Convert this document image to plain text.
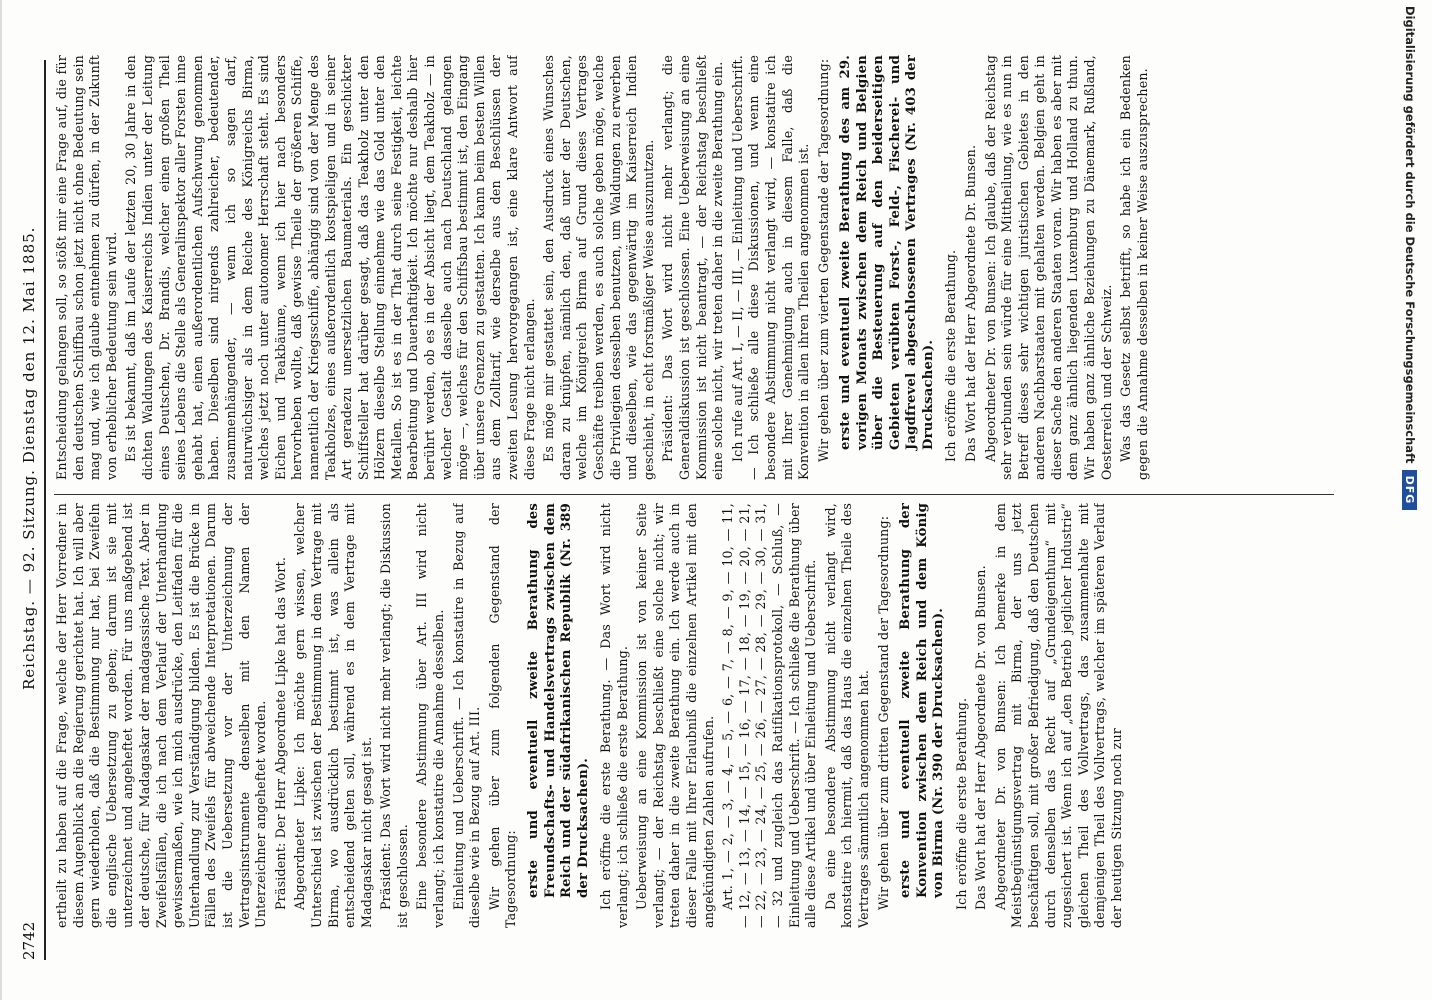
2742
Reichstag. — 92. Sitzung. Dienstag den 12. Mai 1885.

ertheilt zu haben auf die Frage, welche der Herr Vorredner in diesem Augenblick an die Regierung gerichtet hat. Ich will aber gern wiederholen, daß die Bestimmung nur hat, bei Zweifeln die englische Uebersetzung zu geben; darum ist sie mit unterzeichnet und angeheftet worden. Für uns maßgebend ist der deutsche, für Madagaskar der madagassische Text. Aber in Zweifelsfällen, die ich nach dem Verlauf der Unterhandlung gewissermaßen, wie ich mich ausdrücke, den Leitfaden für die Unterhandlung zur Verständigung bilden. Es ist die Brücke in Fällen des Zweifels für abweichende Interpretationen. Darum ist die Uebersetzung vor der Unterzeichnung der Vertragsinstrumente denselben mit den Namen der Unterzeichner angeheftet worden. Präsident: Der Herr Abgeordnete Lipke hat das Wort. Abgeordneter Lipke: Ich möchte gern wissen, welcher Unterschied ist zwischen der Bestimmung in dem Vertrage mit Birma, wo ausdrücklich bestimmt ist, was allein als entscheidend gelten soll, während es in dem Vertrage mit Madagaskar nicht gesagt ist. Präsident: Das Wort wird nicht mehr verlangt; die Diskussion ist geschlossen. Eine besondere Abstimmung über Art. III wird nicht verlangt; ich konstatire die Annahme desselben. Einleitung und Ueberschrift. — Ich konstatire in Bezug auf dieselbe wie in Bezug auf Art. III. Wir gehen über zum folgenden Gegenstand der Tagesordnung: erste und eventuell zweite Berathung des Freundschafts- und Handelsvertrags zwischen dem Reich und der südafrikanischen Republik (Nr. 389 der Drucksachen). Ich eröffne die erste Berathung. — Das Wort wird nicht verlangt; ich schließe die erste Berathung. Ueberweisung an eine Kommission ist von keiner Seite verlangt; — der Reichstag beschließt eine solche nicht; wir treten daher in die zweite Berathung ein. Ich werde auch in dieser Falle mit Ihrer Erlaubniß die einzelnen Artikel mit den angekündigten Zahlen aufrufen. Art. 1, — 2, — 3, — 4, — 5, — 6, — 7, — 8, — 9, — 10, — 11, — 12, — 13, — 14, — 15, — 16, — 17, — 18, — 19, — 20, — 21, — 22, — 23, — 24, — 25, — 26, — 27, — 28, — 29, — 30, — 31, — 32 und zugleich das Ratifikationsprotokoll, — Schluß, — Einleitung und Ueberschrift. — Ich schließe die Berathung über alle diese Artikel und über Einleitung und Ueberschrift. Da eine besondere Abstimmung nicht verlangt wird, konstatire ich hiermit, daß das Haus die einzelnen Theile des Vertrages sämmtlich angenommen hat. Wir gehen über zum dritten Gegenstand der Tagesordnung: erste und eventuell zweite Berathung der Konvention zwischen dem Reich und dem König von Birma (Nr. 390 der Drucksachen). Ich eröffne die erste Berathung. Das Wort hat der Herr Abgeordnete Dr. von Bunsen. Abgeordneter Dr. von Bunsen: Ich bemerke in dem Meistbegünstigungsvertrag mit Birma, der uns jetzt beschäftigen soll, mit großer Befriedigung, daß den Deutschen durch denselben das Recht auf „Grundeigenthum“ mit zugesichert ist. Wenn ich auf „den Betrieb jeglicher Industrie“ gleichen Theil des Vollvertrags, das zusammenhalte mit demjenigen Theil des Vollvertrags, welcher im späteren Verlauf der heutigen Sitzung noch zur

Entscheidung gelangen soll, so stößt mir eine Frage auf, die für den deutschen Schiffbau schon jetzt nicht ohne Bedeutung sein mag und, wie ich glaube entnehmen zu dürfen, in der Zukunft von erheblicher Bedeutung sein wird. Es ist bekannt, daß im Laufe der letzten 20, 30 Jahre in den dichten Waldungen des Kaiserreichs Indien unter der Leitung eines Deutschen, Dr. Brandis, welcher einen großen Theil seines Lebens die Stelle als Generalinspektor aller Forsten inne gehabt hat, einen außerordentlichen Aufschwung genommen haben. Dieselben sind nirgends zahlreicher, bedeutender, zusammenhängender, — wenn ich so sagen darf, naturwüchsiger als in dem Reiche des Königreichs Birma, welches jetzt noch unter autonomer Herrschaft steht. Es sind Eichen und Teakbäume, wenn ich hier nach besonders hervorheben wollte, daß gewisse Theile der größeren Schiffe, namentlich der Kriegsschiffe, abhängig sind von der Menge des Teakholzes, eines außerordentlich kostspieligen und in seiner Art geradezu unersetzlichen Baumaterials. Ein geschickter Schiffsteller hat darüber gesagt, daß das Teakholz unter den Hölzern dieselbe Stellung einnehme wie das Gold unter den Metallen. So ist es in der That durch seine Festigkeit, leichte Bearbeitung und Dauerhaftigkeit. Ich möchte nur deshalb hier berührt werden, ob es in der Absicht liegt, dem Teakholz — in welcher Gestalt dasselbe auch nach Deutschland gelangen möge —, welches für den Schiffsbau bestimmt ist, den Eingang über unsere Grenzen zu gestatten. Ich kann beim besten Willen aus dem Zolltarif, wie derselbe aus den Beschlüssen der zweiten Lesung hervorgegangen ist, eine klare Antwort auf diese Frage nicht erlangen. Es möge mir gestattet sein, den Ausdruck eines Wunsches daran zu knüpfen, nämlich den, daß unter der Deutschen, welche im Königreich Birma auf Grund dieses Vertrages Geschäfte treiben werden, es auch solche geben möge, welche die Privilegien desselben benutzen, um Waldungen zu erwerben und dieselben, wie das gegenwärtig im Kaiserreich Indien geschieht, in echt forstmäßiger Weise auszunutzen. Präsident: Das Wort wird nicht mehr verlangt; die Generaldiskussion ist geschlossen. Eine Ueberweisung an eine Kommission ist nicht beantragt, — der Reichstag beschließt eine solche nicht, wir treten daher in die zweite Berathung ein. Ich rufe auf Art. I, — II, — III, — Einleitung und Ueberschrift. — Ich schließe alle diese Diskussionen, und wenn eine besondere Abstimmung nicht verlangt wird, — konstatire ich mit Ihrer Genehmigung auch in diesem Falle, daß die Konvention in allen ihren Theilen angenommen ist. Wir gehen über zum vierten Gegenstande der Tagesordnung: erste und eventuell zweite Berathung des am 29. vorigen Monats zwischen dem Reich und Belgien über die Besteuerung auf den beiderseitigen Gebieten verübten Forst-, Feld-, Fischerei- und Jagdfrevel abgeschlossenen Vertrages (Nr. 403 der Drucksachen). Ich eröffne die erste Berathung. Das Wort hat der Herr Abgeordnete Dr. Bunsen. Abgeordneter Dr. von Bunsen: Ich glaube, daß der Reichstag sehr verbunden sein würde für eine Mittheilung, wie es nun in Betreff dieses sehr wichtigen juristischen Gebietes in den anderen Nachbarstaaten mit gehalten werden. Belgien geht in dieser Sache den anderen Staaten voran. Wir haben es aber mit dem ganz ähnlich liegenden Luxemburg und Holland zu thun. Wir haben ganz ähnliche Beziehungen zu Dänemark, Rußland, Oesterreich und der Schweiz. Was das Gesetz selbst betrifft, so habe ich ein Bedenken gegen die Annahme desselben in keiner Weise auszusprechen.	Digitalisierung gefördert durch die Deutsche Forschungsgemeinschaft
DFG
